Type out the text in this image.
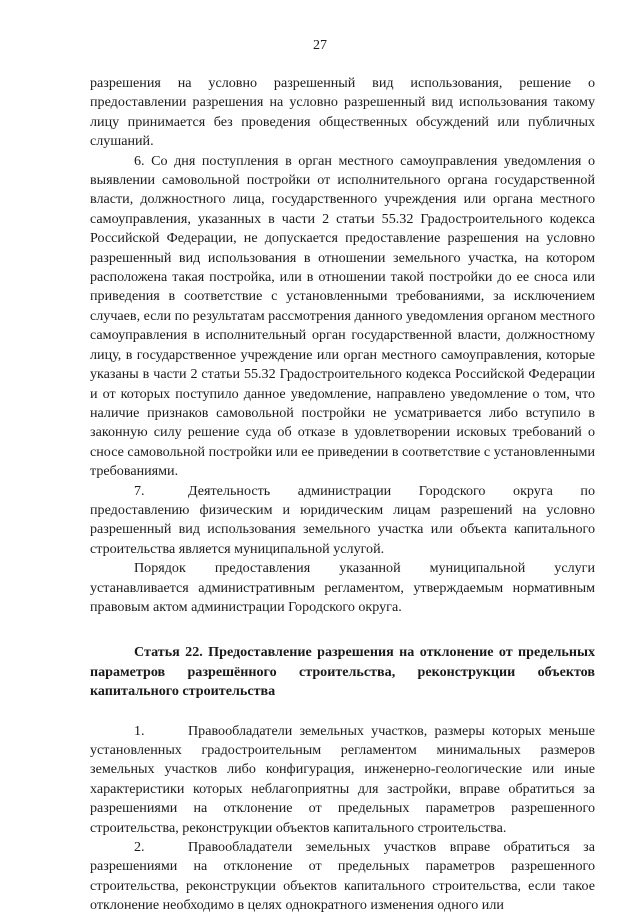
27

разрешения на условно разрешенный вид использования, решение о предоставлении разрешения на условно разрешенный вид использования такому лицу принимается без проведения общественных обсуждений или публичных слушаний.

6. Со дня поступления в орган местного самоуправления уведомления о выявлении самовольной постройки от исполнительного органа государственной власти, должностного лица, государственного учреждения или органа местного самоуправления, указанных в части 2 статьи 55.32 Градостроительного кодекса Российской Федерации, не допускается предоставление разрешения на условно разрешенный вид использования в отношении земельного участка, на котором расположена такая постройка, или в отношении такой постройки до ее сноса или приведения в соответствие с установленными требованиями, за исключением случаев, если по результатам рассмотрения данного уведомления органом местного самоуправления в исполнительный орган государственной власти, должностному лицу, в государственное учреждение или орган местного самоуправления, которые указаны в части 2 статьи 55.32 Градостроительного кодекса Российской Федерации и от которых поступило данное уведомление, направлено уведомление о том, что наличие признаков самовольной постройки не усматривается либо вступило в законную силу решение суда об отказе в удовлетворении исковых требований о сносе самовольной постройки или ее приведении в соответствие с установленными требованиями.

7.	Деятельность администрации Городского округа по предоставлению физическим и юридическим лицам разрешений на условно разрешенный вид использования земельного участка или объекта капитального строительства является муниципальной услугой.

Порядок предоставления указанной муниципальной услуги устанавливается административным регламентом, утверждаемым нормативным правовым актом администрации Городского округа.

Статья 22. Предоставление разрешения на отклонение от предельных параметров разрешённого строительства, реконструкции объектов капитального строительства

1.	Правообладатели земельных участков, размеры которых меньше установленных градостроительным регламентом минимальных размеров земельных участков либо конфигурация, инженерно-геологические или иные характеристики которых неблагоприятны для застройки, вправе обратиться за разрешениями на отклонение от предельных параметров разрешенного строительства, реконструкции объектов капитального строительства.

2.	Правообладатели земельных участков вправе обратиться за разрешениями на отклонение от предельных параметров разрешенного строительства, реконструкции объектов капитального строительства, если такое отклонение необходимо в целях однократного изменения одного или
